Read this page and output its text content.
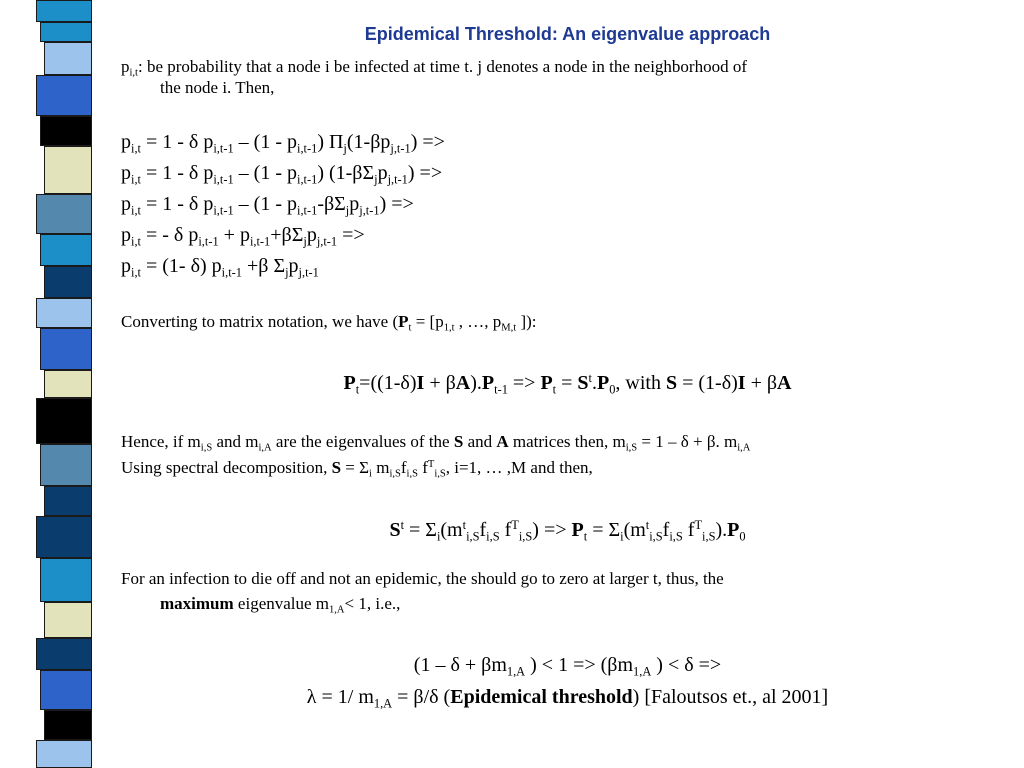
Epidemical Threshold: An eigenvalue approach
$p_{i,t}$: be probability that a node i be infected at time t. j denotes a node in the neighborhood of
the node i. Then,
$p_{i,t} = 1 - \delta$ $p_{i,t-1} - (1 - p_{i,t-1}) \Pi_j(1-\beta p_{j,t-1})$ =>
$p_{i,t} = 1 - \delta$ $p_{i,t-1} - (1 - p_{i,t-1}) (1-\beta\Sigma_jp_{j,t-1})$ =>
$p_{i,t} = 1 - \delta$ $p_{i,t-1} - (1 - p_{i,t-1}-\beta\Sigma_jp_{j,t-1})$ =>
$p_{i,t}$ = - δ $p_{i,t-1} + p_{i,t-1}+\beta\Sigma_jp_{j,t-1}$ =>
$p_{i,t} = (1-$ δ) $p_{i,t-1} +\beta$ $\Sigma_jp_{j,t-1}$
Converting to matrix notation, we have ($P_t = [p_{1,t}$ , …, $p_{M,t}$ ]):
$P_t=((1-\delta)I + \beta A).P_{t-1} => P_t = S^t.P_0$, with S = (1-δ)I + βA
Hence, if $m_{i,S}$ and $m_{i,A}$ are the eigenvalues of the S and A matrices then, $m_{i,S} = 1 - \delta + \beta$. $m_{i,A}$
Using spectral decomposition, $S = \Sigma_i$ $m_{i,S}f_{i,S}$ $f^T_{i,S}$, i=1, … ,M and then,
$S^t = \Sigma_i(m^t_{i,S}f_{i,S}$ $f^T_{i,S}) => P_t = \Sigma_i(m^t_{i,S}f_{i,S}$ $f^T_{i,S}).P_0$
For an infection to die off and not an epidemic, the should go to zero at larger t, thus, the
maximum eigenvalue $m_{1,A}< 1$, i.e.,
($1 - \delta + \beta m_{1,A}$ ) < $1 => (\beta m_{1,A}$ ) < δ =>
λ = 1/ $m_{1,A} = \beta/\delta$ (Epidemical threshold) [Faloutsos et., al 2001]
